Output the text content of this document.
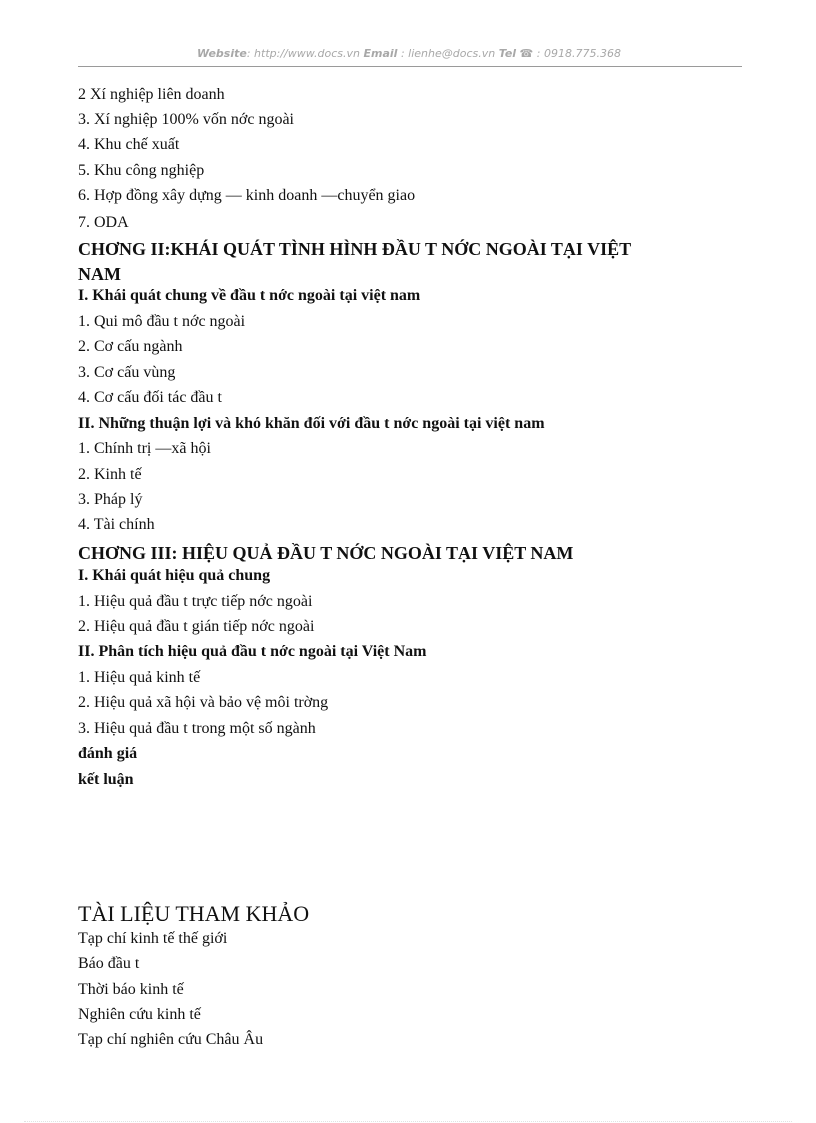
Website: http://www.docs.vn Email : lienhe@docs.vn Tel ☎ : 0918.775.368
2 Xí nghiệp liên doanh
3. Xí nghiệp 100% vốn nớc ngoài
4. Khu chế xuất
5. Khu công nghiệp
6. Hợp đồng xây dựng — kinh doanh —chuyển giao
7. ODA
CHƠNG II:KHÁI QUÁT TÌNH HÌNH ĐẦU T NỚC NGOÀI TẠI VIỆT
NAM
I. Khái quát chung về đầu t nớc ngoài tại việt nam
1. Qui mô đầu t nớc ngoài
2. Cơ cấu ngành
3. Cơ cấu vùng
4. Cơ cấu đối tác đầu t
II. Những thuận lợi và khó khăn đối với đầu t nớc ngoài tại việt nam
1. Chính trị —xã hội
2. Kinh tế
3. Pháp lý
4. Tài chính
CHƠNG III: HIỆU QUẢ ĐẦU T NỚC NGOÀI TẠI VIỆT NAM
I. Khái quát hiệu quả chung
1. Hiệu quả đầu t trực tiếp nớc ngoài
2. Hiệu quả đầu t gián tiếp nớc ngoài
II. Phân tích hiệu quả đầu t nớc ngoài tại Việt Nam
1. Hiệu quả kinh tế
2. Hiệu quả xã hội và bảo vệ môi trờng
3. Hiệu quả đầu t trong một số ngành
đánh giá
kết luận
TÀI LIỆU THAM KHẢO
Tạp chí kinh tế thế giới
Báo đầu t
Thời báo kinh tế
Nghiên cứu kinh tế
Tạp chí nghiên cứu Châu Âu
